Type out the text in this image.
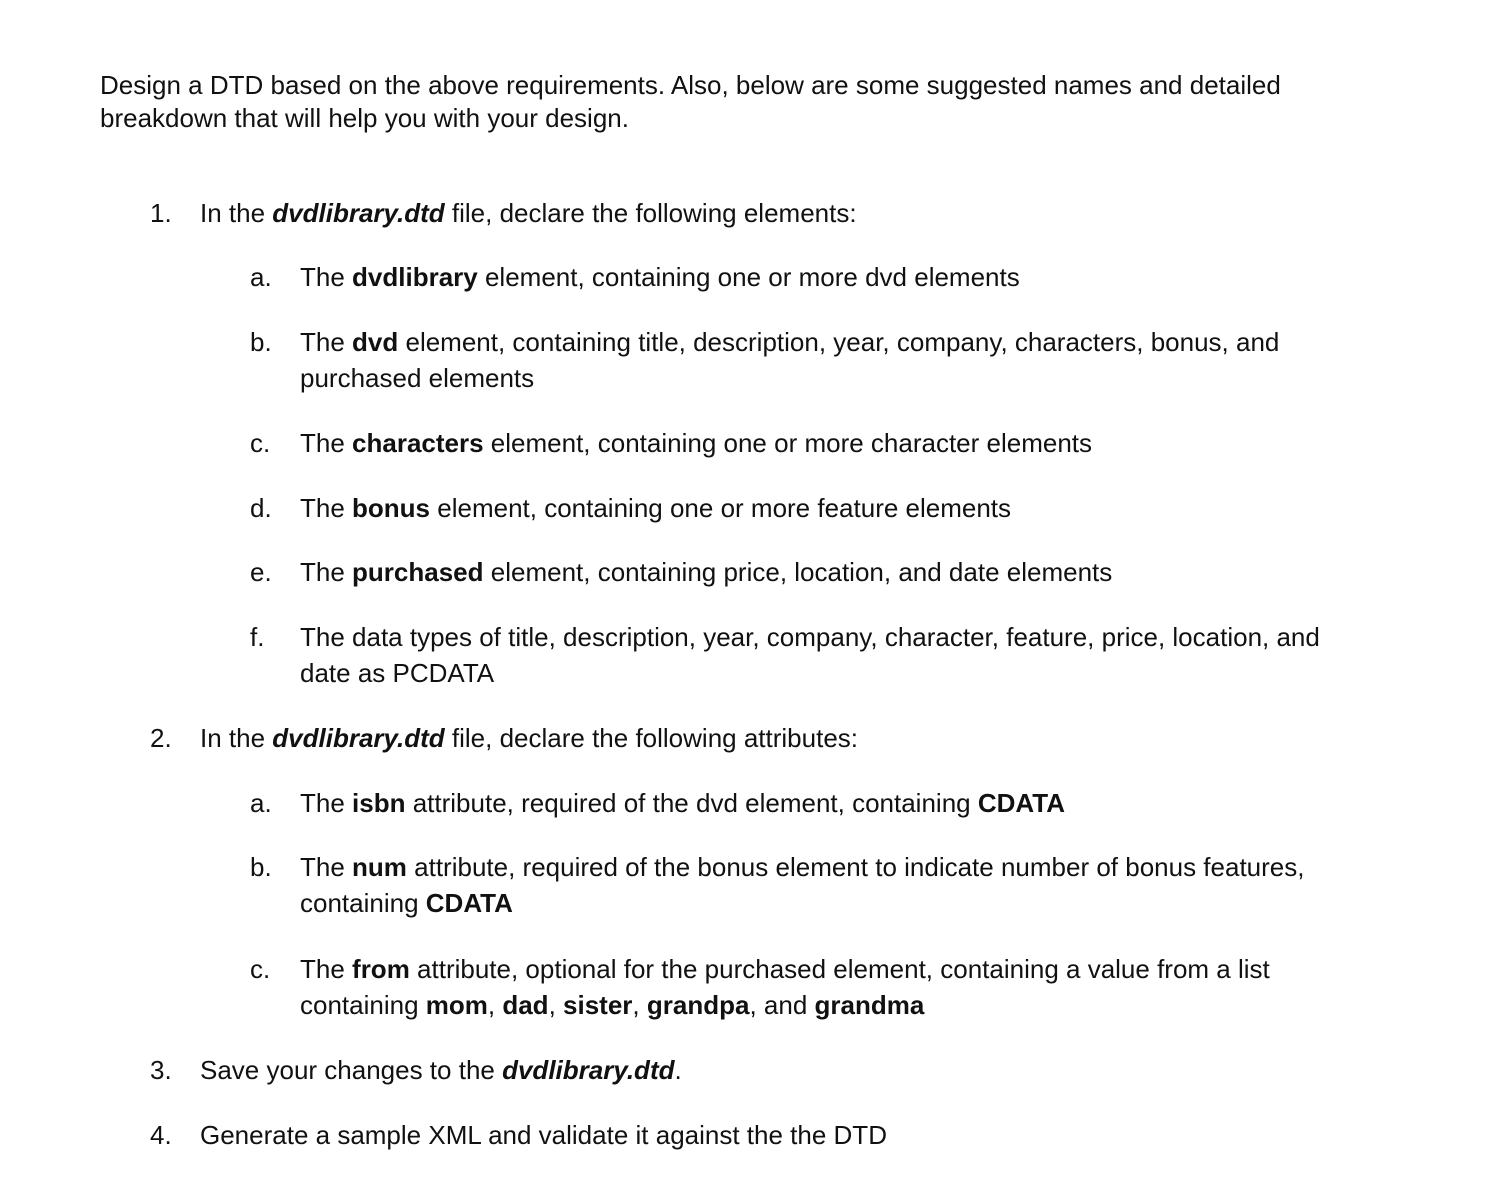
Design a DTD based on the above requirements. Also, below are some suggested names and detailed
breakdown that will help you with your design.

1. In the dvdlibrary.dtd file, declare the following elements:
a. The dvdlibrary element, containing one or more dvd elements
b. The dvd element, containing title, description, year, company, characters, bonus, and
purchased elements
c. The characters element, containing one or more character elements
d. The bonus element, containing one or more feature elements
e. The purchased element, containing price, location, and date elements
f. The data types of title, description, year, company, character, feature, price, location, and
date as PCDATA
2. In the dvdlibrary.dtd file, declare the following attributes:
a. The isbn attribute, required of the dvd element, containing CDATA
b. The num attribute, required of the bonus element to indicate number of bonus features,
containing CDATA
c. The from attribute, optional for the purchased element, containing a value from a list
containing mom, dad, sister, grandpa, and grandma
3. Save your changes to the dvdlibrary.dtd.
4. Generate a sample XML and validate it against the the DTD
